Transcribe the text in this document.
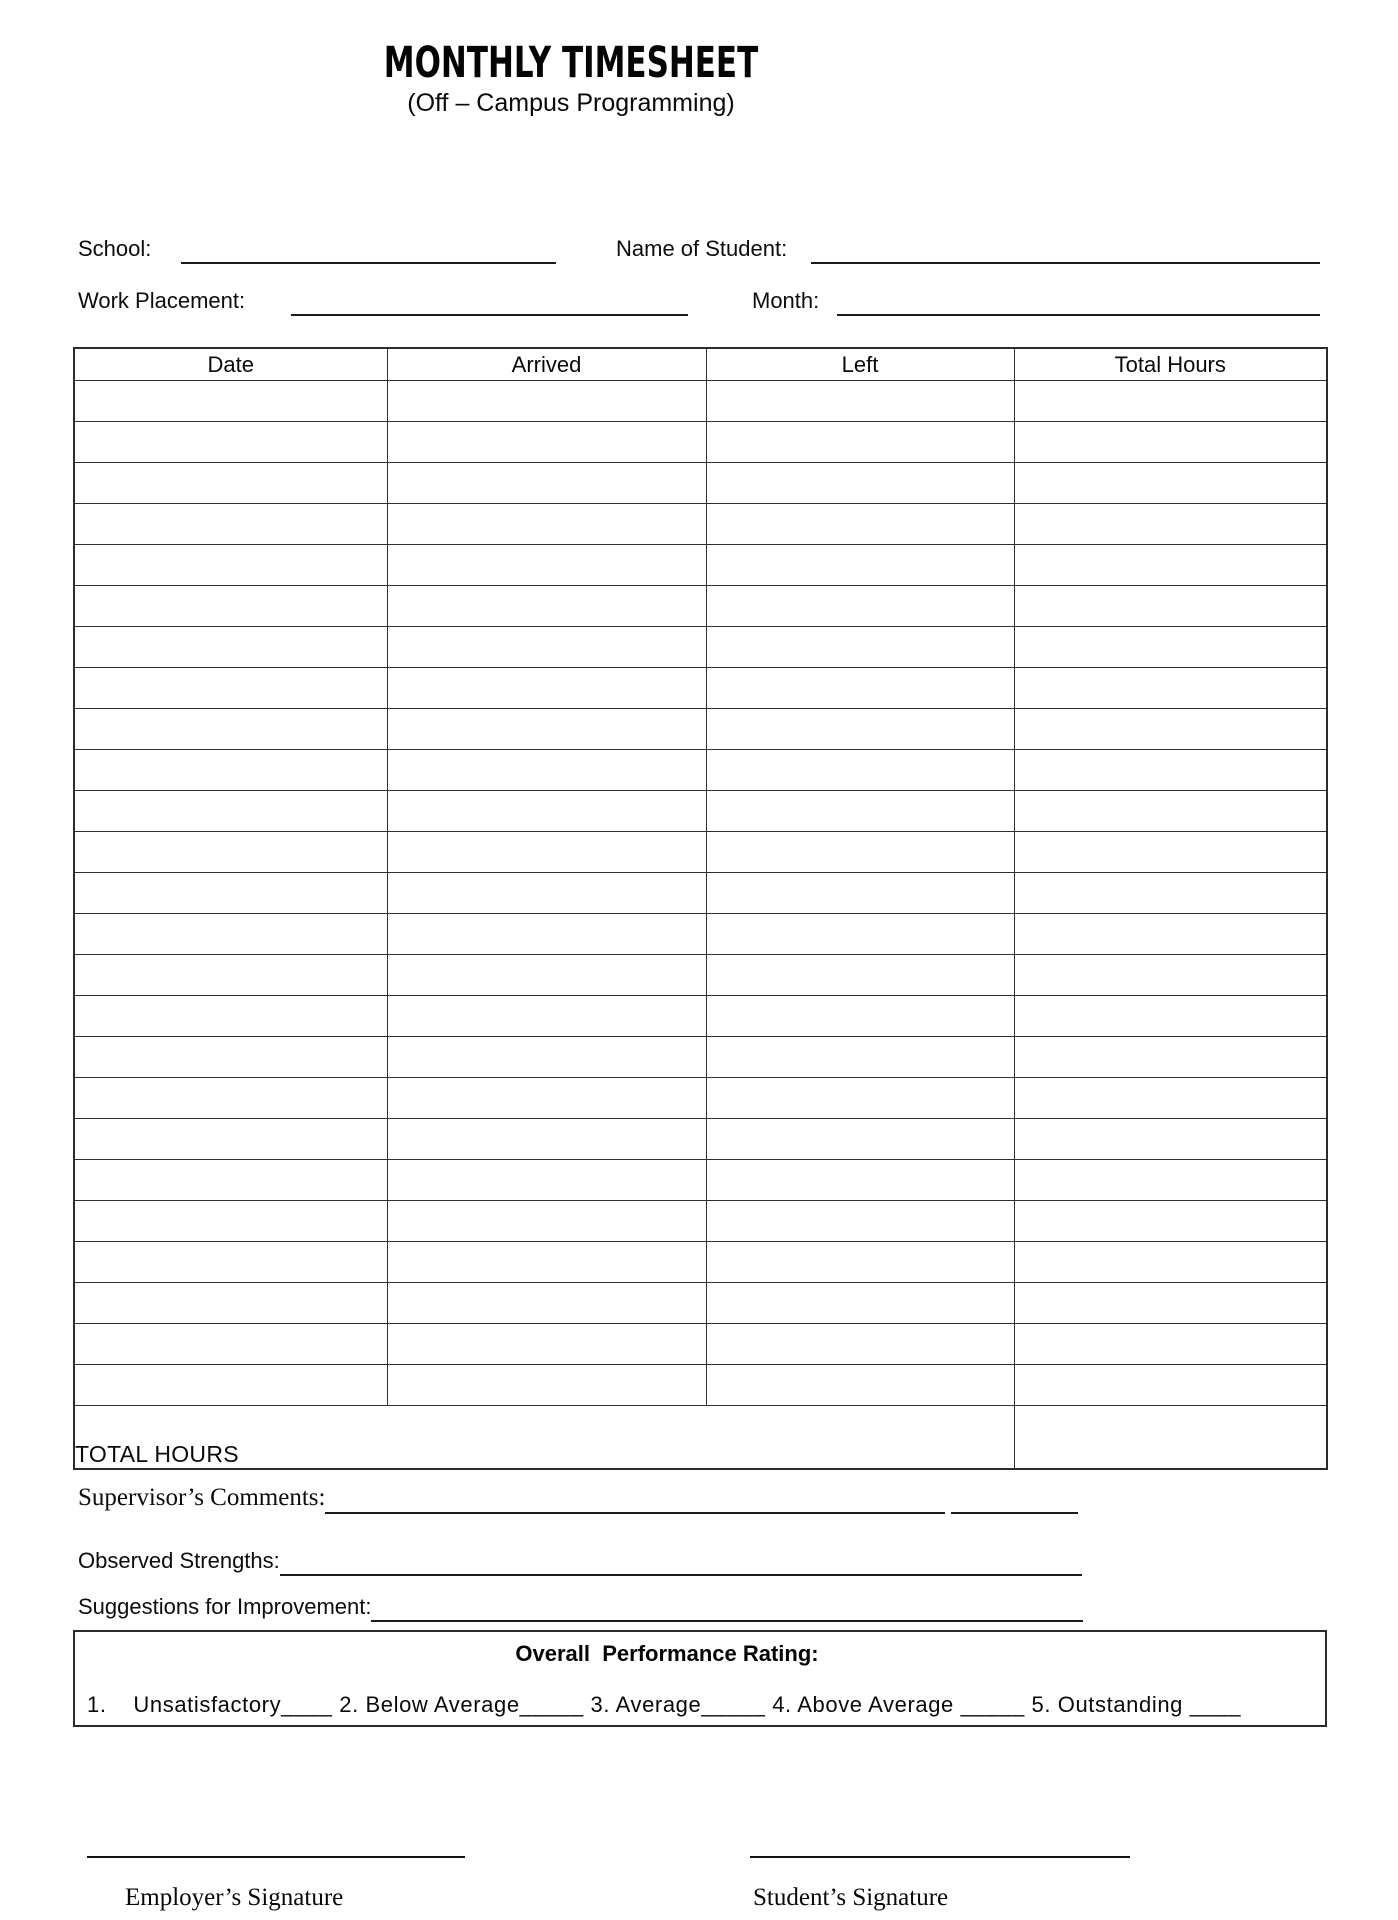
MONTHLY TIMESHEET
(Off – Campus Programming)
School:	Name of Student:
Work Placement:	Month:
Date	Arrived	Left	Total Hours

TOTAL HOURS			
Supervisor’s Comments:
Observed Strengths:
Suggestions for Improvement:
Overall  Performance Rating:
1.    Unsatisfactory____ 2. Below Average_____ 3. Average_____ 4. Above Average _____ 5. Outstanding ____
Employer’s Signature	Student’s Signature
